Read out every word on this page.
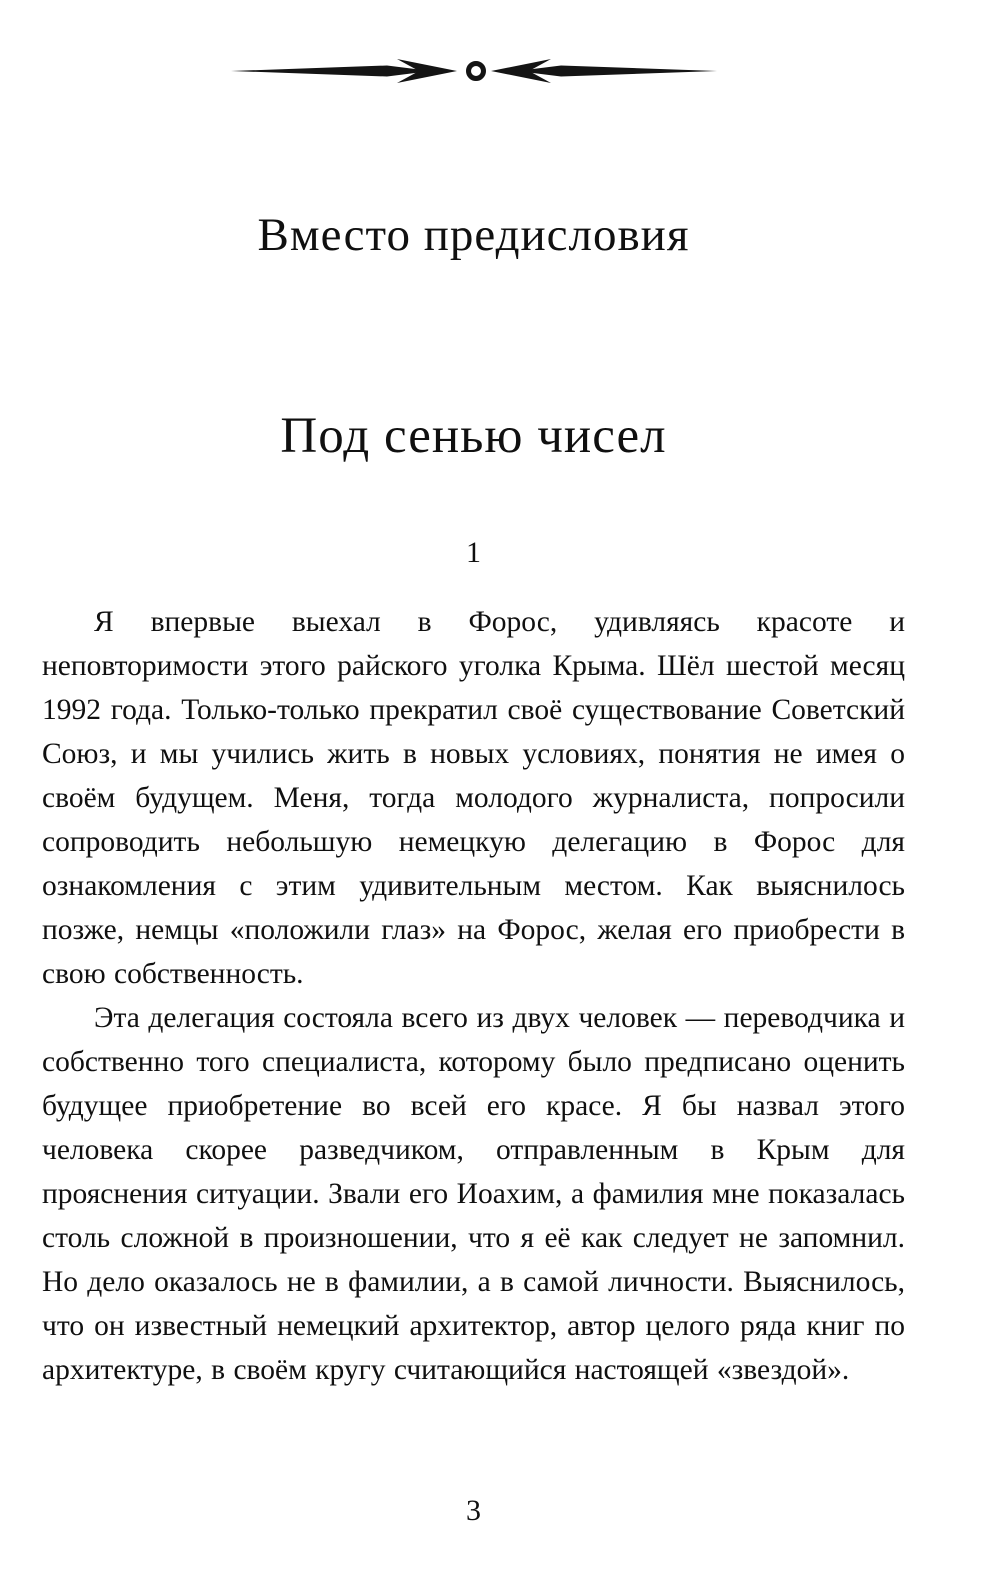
Вместо предисловия
Под сенью чисел
1

Я впервые выехал в Форос, удивляясь красоте и неповторимости этого райского уголка Крыма. Шёл шестой месяц 1992 года. Только-только прекратил своё существование Советский Союз, и мы учились жить в новых условиях, понятия не имея о своём будущем. Меня, тогда молодого журналиста, попросили сопроводить небольшую немецкую делегацию в Форос для ознакомления с этим удивительным местом. Как выяснилось позже, немцы «положили глаз» на Форос, желая его приобрести в свою собственность.

Эта делегация состояла всего из двух человек — переводчика и собственно того специалиста, которому было предписано оценить будущее приобретение во всей его красе. Я бы назвал этого человека скорее разведчиком, отправленным в Крым для прояснения ситуации. Звали его Иоахим, а фамилия мне показалась столь сложной в произношении, что я её как следует не запомнил. Но дело оказалось не в фамилии, а в самой личности. Выяснилось, что он известный немецкий архитектор, автор целого ряда книг по архитектуре, в своём кругу считающийся настоящей «звездой».

3
